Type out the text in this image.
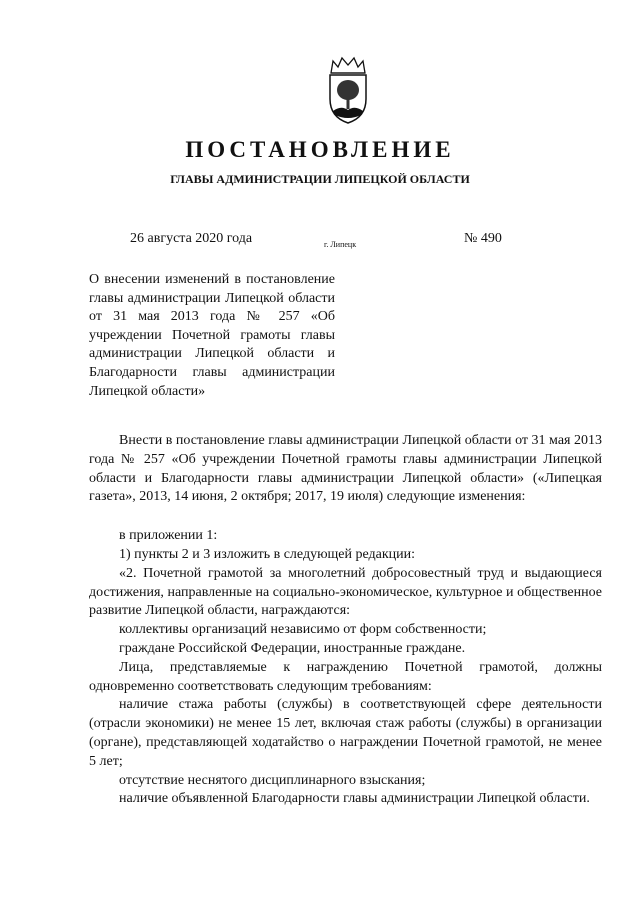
ПОСТАНОВЛЕНИЕ
ГЛАВЫ АДМИНИСТРАЦИИ ЛИПЕЦКОЙ ОБЛАСТИ
26 августа 2020 года	г. Липецк	№ 490
О внесении изменений в постановление главы администрации Липецкой области от 31 мая 2013 года № 257 «Об учреждении Почетной грамоты главы администрации Липецкой области и Благодарности главы администрации Липецкой области»

Внести в постановление главы администрации Липецкой области от 31 мая 2013 года № 257 «Об учреждении Почетной грамоты главы администрации Липецкой области и Благодарности главы администрации Липецкой области» («Липецкая газета», 2013, 14 июня, 2 октября; 2017, 19 июля) следующие изменения:

в приложении 1:

1) пункты 2 и 3 изложить в следующей редакции:

«2. Почетной грамотой за многолетний добросовестный труд и выдающиеся достижения, направленные на социально-экономическое, культурное и общественное развитие Липецкой области, награждаются:

коллективы организаций независимо от форм собственности;

граждане Российской Федерации, иностранные граждане.

Лица, представляемые к награждению Почетной грамотой, должны одновременно соответствовать следующим требованиям:

наличие стажа работы (службы) в соответствующей сфере деятельности (отрасли экономики) не менее 15 лет, включая стаж работы (службы) в организации (органе), представляющей ходатайство о награждении Почетной грамотой, не менее 5 лет;

отсутствие неснятого дисциплинарного взыскания;

наличие объявленной Благодарности главы администрации Липецкой области.
